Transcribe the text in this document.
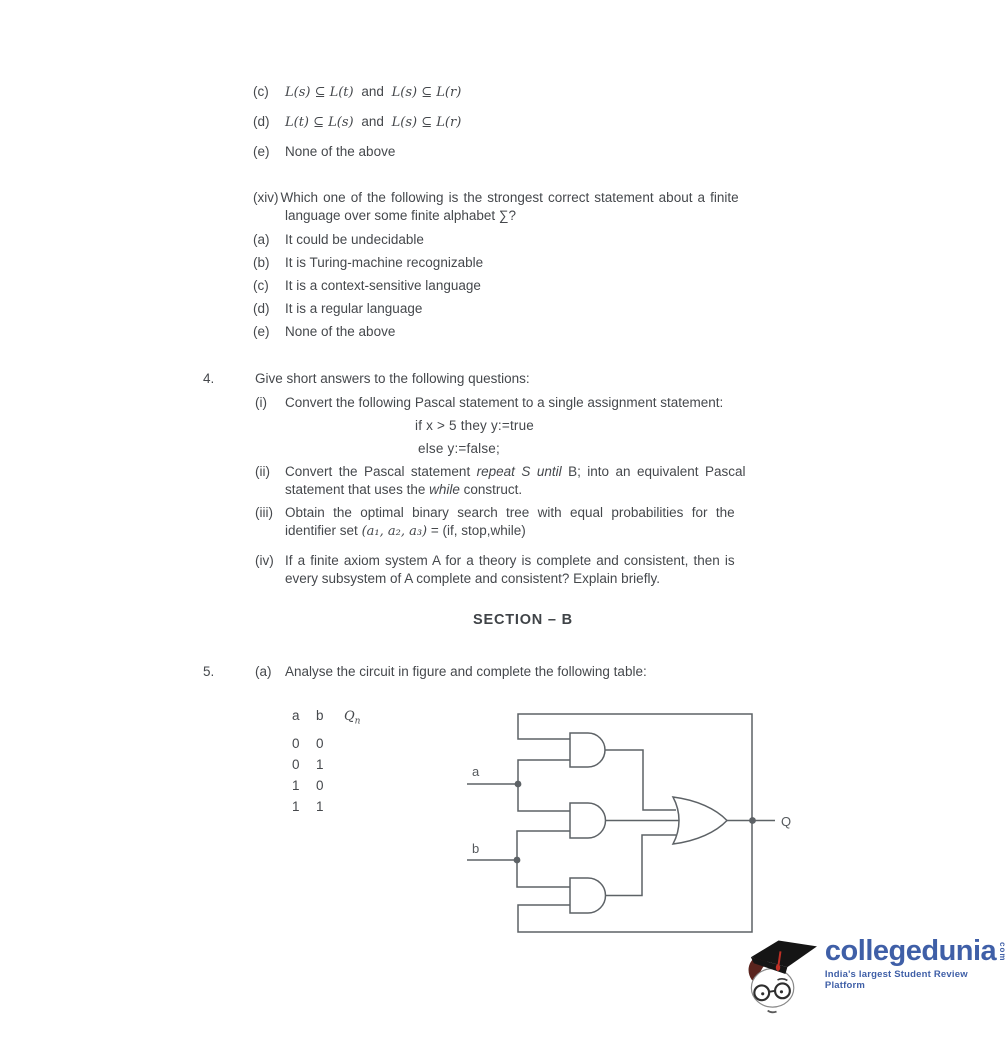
(c)	L(s) ⊆ L(t) and L(s) ⊆ L(r)
(d)	L(t) ⊆ L(s) and L(s) ⊆ L(r)
(e)	None of the above
(xiv) Which one of the following is the strongest correct statement about a finite
language over some finite alphabet ∑?
(a)	It could be undecidable
(b)	It is Turing-machine recognizable
(c)	It is a context-sensitive language
(d)	It is a regular language
(e)	None of the above
4.	Give short answers to the following questions:
(i)	Convert the following Pascal statement to a single assignment statement:
if x > 5 they y:=true
else y:=false;
(ii)	Convert the Pascal statement repeat S until B; into an equivalent Pascal
statement that uses the while construct.
(iii) Obtain the optimal binary search tree with equal probabilities for the
identifier set (a₁, a₂, a₃) = (if, stop,while)
(iv) If a finite axiom system A for a theory is complete and consistent, then is
every subsystem of A complete and consistent? Explain briefly.
SECTION – B
5.	(a)	Analyse the circuit in figure and complete the following table:
a	b	$Q_n$
0	0
0	1
1	0
1	1
a
b
Q
collegedunia com
India's largest Student Review Platform
